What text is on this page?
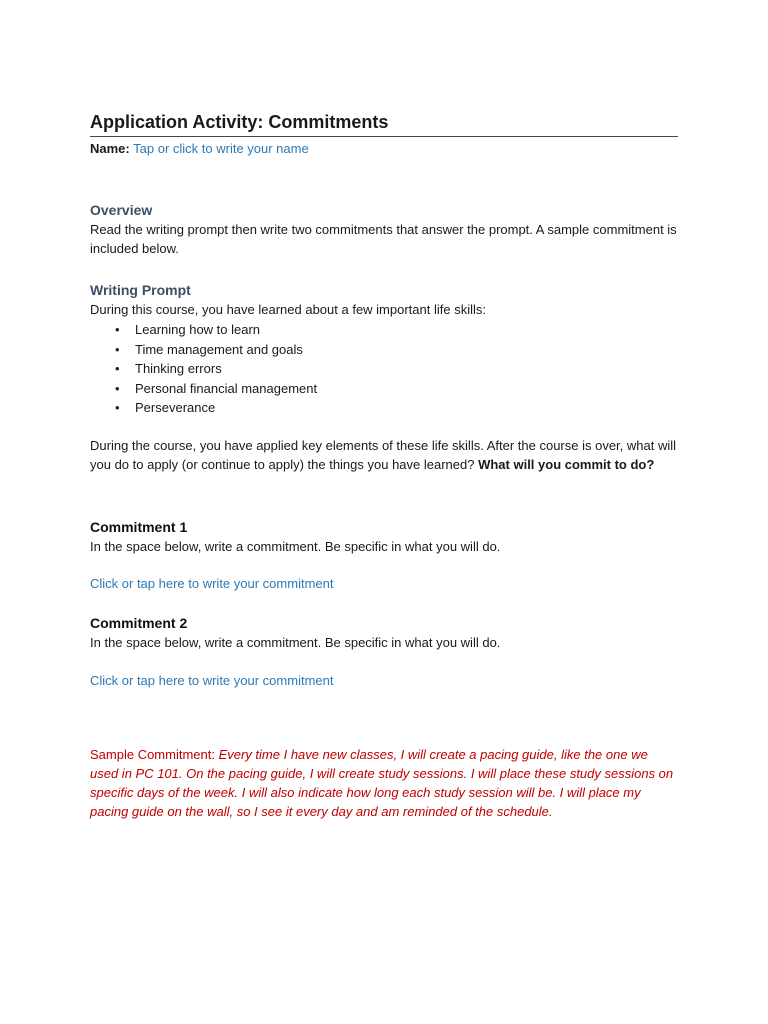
Application Activity: Commitments
Name: Tap or click to write your name
Overview

Read the writing prompt then write two commitments that answer the prompt. A sample commitment is included below.

Writing Prompt

During this course, you have learned about a few important life skills:

• Learning how to learn
• Time management and goals
• Thinking errors
• Personal financial management
• Perseverance

During the course, you have applied key elements of these life skills. After the course is over, what will you do to apply (or continue to apply) the things you have learned? What will you commit to do?

Commitment 1

In the space below, write a commitment. Be specific in what you will do.

Click or tap here to write your commitment

Commitment 2

In the space below, write a commitment. Be specific in what you will do.

Click or tap here to write your commitment

Sample Commitment: Every time I have new classes, I will create a pacing guide, like the one we used in PC 101. On the pacing guide, I will create study sessions. I will place these study sessions on specific days of the week. I will also indicate how long each study session will be. I will place my pacing guide on the wall, so I see it every day and am reminded of the schedule.
